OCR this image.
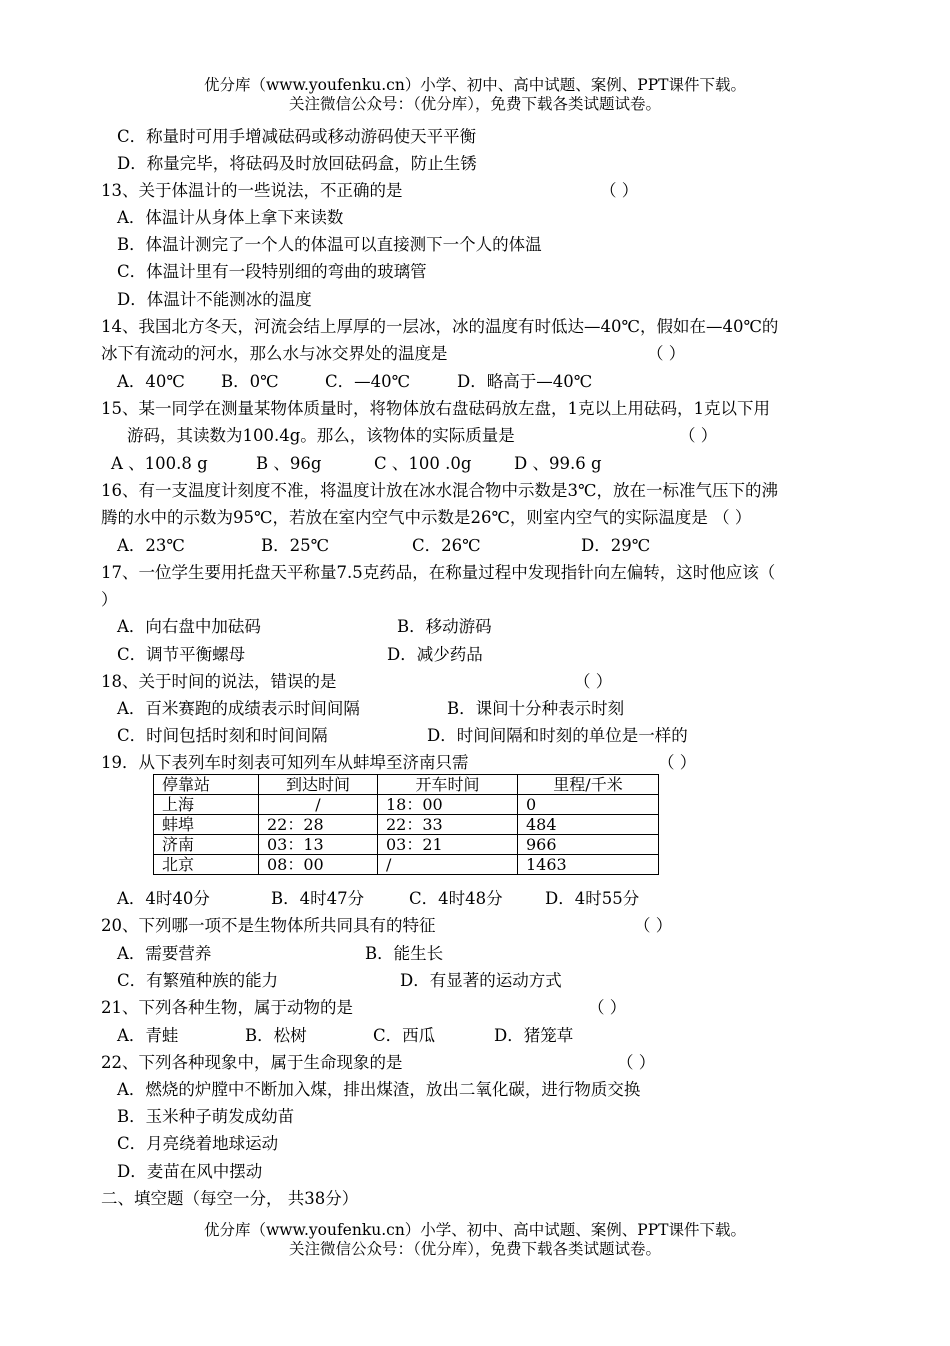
优分库（www.youfenku.cn）小学、初中、高中试题、案例、PPT课件下载。
关注微信公众号：（优分库），免费下载各类试题试卷。
C．称量时可用手增减砝码或移动游码使天平平衡
D．称量完毕，将砝码及时放回砝码盒，防止生锈
13、关于体温计的一些说法，不正确的是	（ ）
A．体温计从身体上拿下来读数
B．体温计测完了一个人的体温可以直接测下一个人的体温
C．体温计里有一段特别细的弯曲的玻璃管
D．体温计不能测冰的温度
14、我国北方冬天，河流会结上厚厚的一层冰，冰的温度有时低达—40℃，假如在—40℃的
冰下有流动的河水，那么水与冰交界处的温度是	（ ）
A．40℃ B．0℃	C．—40℃	D．略高于—40℃
15、某一同学在测量某物体质量时，将物体放右盘砝码放左盘，1克以上用砝码，1克以下用
游码，其读数为100.4g。那么，该物体的实际质量是	（ ）
A 、100.8 g	B 、96g	C 、100 .0g	D 、99.6 g
16、有一支温度计刻度不准，将温度计放在冰水混合物中示数是3℃，放在一标准气压下的沸
腾的水中的示数为95℃，若放在室内空气中示数是26℃，则室内空气的实际温度是 （ ）
A．23℃	B．25℃	C．26℃	D．29℃
17、一位学生要用托盘天平称量7.5克药品，在称量过程中发现指针向左偏转，这时他应该（
）
A．向右盘中加砝码	B．移动游码
C．调节平衡螺母	D．减少药品
18、关于时间的说法，错误的是	（ ）
A．百米赛跑的成绩表示时间间隔	B．课间十分种表示时刻
C．时间包括时刻和时间间隔	D．时间间隔和时刻的单位是一样的
19．从下表列车时刻表可知列车从蚌埠至济南只需	（ ）
停靠站	到达时间	开车时间	里程/千米
上海	/	18：00	0
蚌埠	22：28	22：33	484
济南	03：13	03：21	966
北京	08：00	/	1463
A．4时40分	B．4时47分	C．4时48分	D．4时55分
20、下列哪一项不是生物体所共同具有的特征	（ ）
A．需要营养	B．能生长
C．有繁殖种族的能力	D．有显著的运动方式
21、下列各种生物，属于动物的是	（ ）
A．青蛙	B．松树	C．西瓜	D．猪笼草
22、下列各种现象中，属于生命现象的是	（ ）
A．燃烧的炉膛中不断加入煤，排出煤渣，放出二氧化碳，进行物质交换
B．玉米种子萌发成幼苗
C．月亮绕着地球运动
D．麦苗在风中摆动
二、填空题（每空一分， 共38分）
优分库（www.youfenku.cn）小学、初中、高中试题、案例、PPT课件下载。
关注微信公众号：（优分库），免费下载各类试题试卷。
